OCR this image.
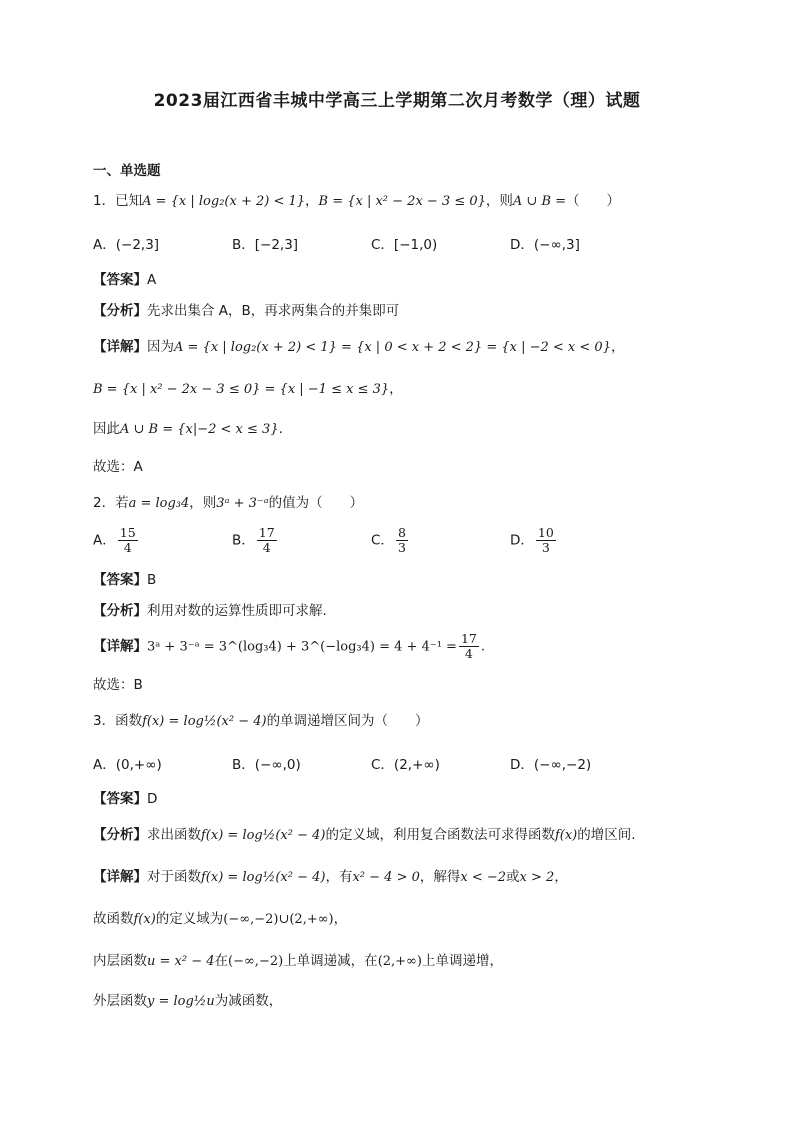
2023届江西省丰城中学高三上学期第二次月考数学（理）试题
一、单选题
1．已知A = {x | log₂(x + 2) < 1}，B = {x | x² − 2x − 3 ≤ 0}，则A ∪ B =（　　）
A．(−2,3]	B．[−2,3]	C．[−1,0)	D．(−∞,3]
【答案】A
【分析】先求出集合 A，B，再求两集合的并集即可
【详解】因为A = {x | log₂(x + 2) < 1} = {x | 0 < x + 2 < 2} = {x | −2 < x < 0}，
B = {x | x² − 2x − 3 ≤ 0} = {x | −1 ≤ x ≤ 3}，
因此A ∪ B = {x|−2 < x ≤ 3}.
故选：A
2．若a = log₃4，则3ᵃ + 3⁻ᵃ的值为（　　）
A． $\frac{15}{4}$	B． $\frac{17}{4}$	C． $\frac{8}{3}$	D． $\frac{10}{3}$
【答案】B
【分析】利用对数的运算性质即可求解.
【详解】3ᵃ + 3⁻ᵃ = 3^(log₃4) + 3^(−log₃4) = $4 + 4^{-1} = \frac{17}{4}$ .
故选：B
3．函数f(x) = log½(x² − 4)的单调递增区间为（　　）
A．(0,+∞)	B．(−∞,0)	C．(2,+∞)	D．(−∞,−2)
【答案】D
【分析】求出函数f(x) = log½(x² − 4)的定义域，利用复合函数法可求得函数f(x)的增区间.
【详解】对于函数f(x) = log½(x² − 4)，有x² − 4 > 0，解得x < −2或x > 2，
故函数f(x)的定义域为(−∞,−2)∪(2,+∞)，
内层函数u = x² − 4在(−∞,−2)上单调递减，在(2,+∞)上单调递增，
外层函数y = log½u为减函数，
